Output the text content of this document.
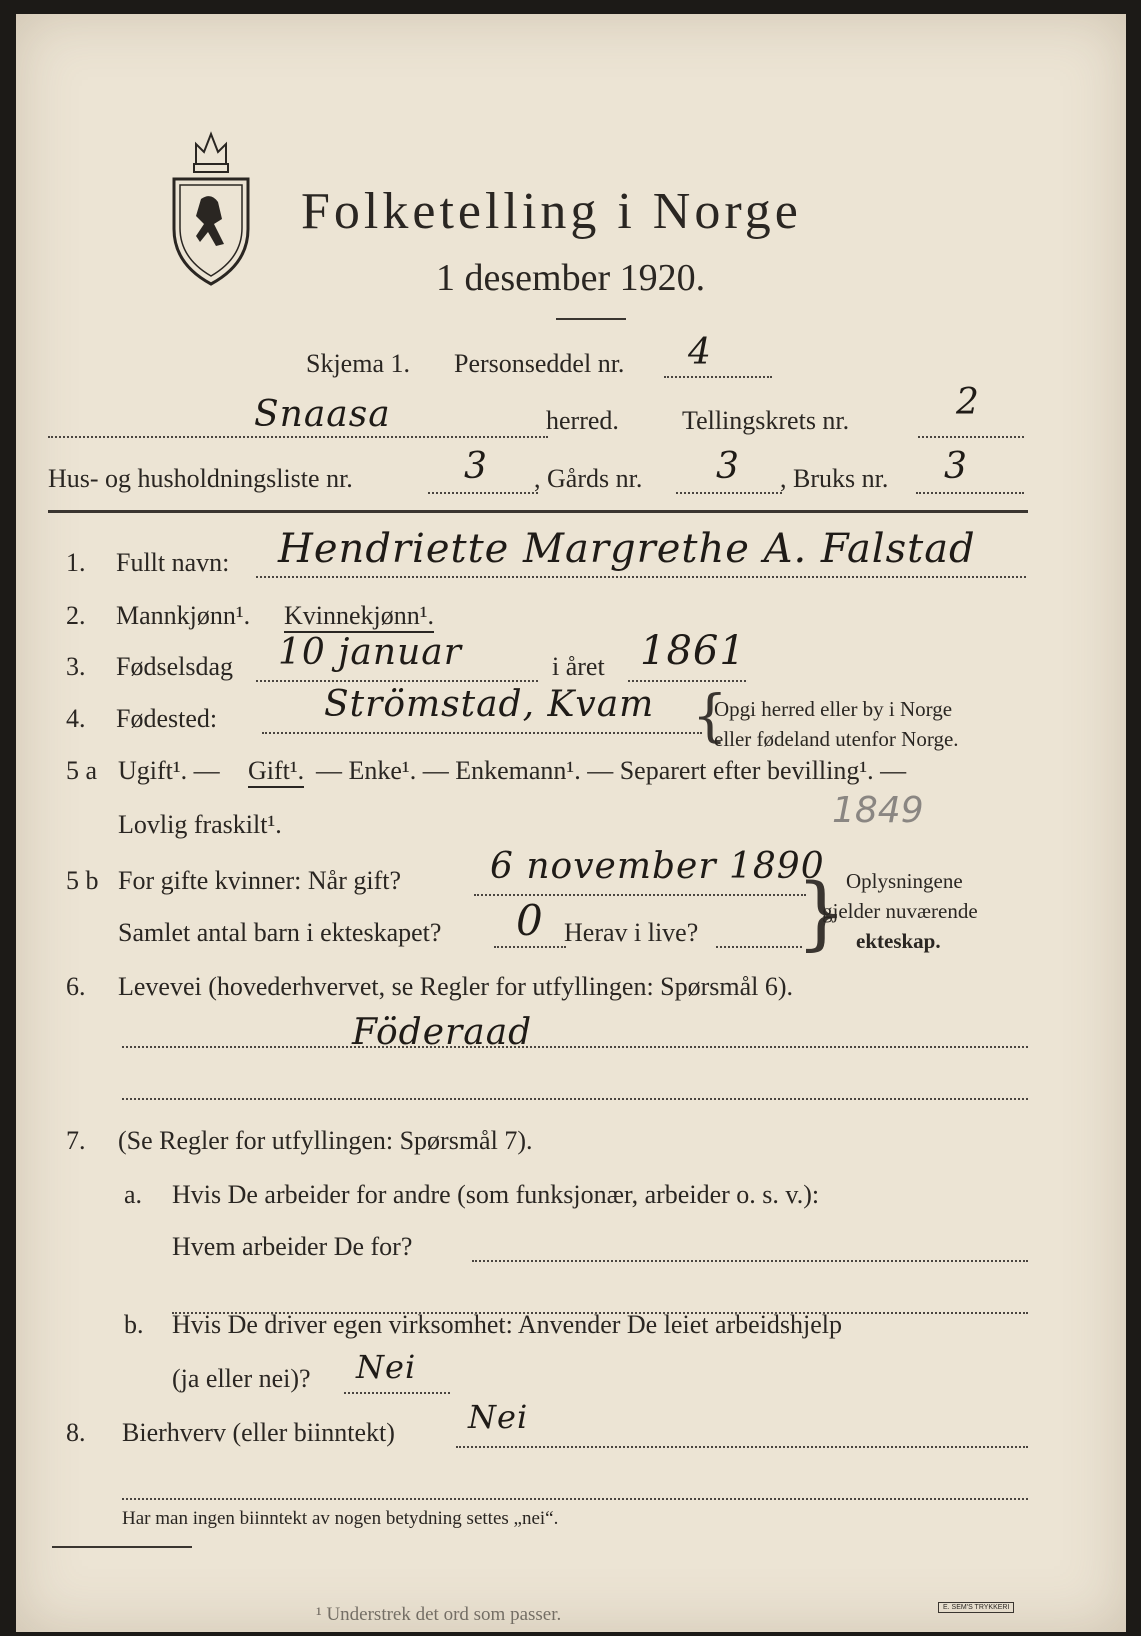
Folketelling i Norge
1 desember 1920.
Skjema 1. Personseddel nr. 4
Snaasa	herred. Tellingskrets nr.	2
Hus- og husholdningsliste nr.	3 , Gårds nr. 3 , Bruks nr. 3
1. Fullt navn: Hendriette Margrethe A. Falstad
2. Mannkjønn¹. Kvinnekjønn¹.
3. Fødselsdag 10 januar	i året 1861
4. Fødested:	Strömstad, Kvam {
Opgi herred eller by i Norge
eller fødeland utenfor Norge.
5 a Ugift¹. — Gift¹. — Enke¹. — Enkemann¹. — Separert efter bevilling¹. —
Lovlig fraskilt¹.	1849
5 b For gifte kvinner: Når gift? 6 november 1890
Samlet antal barn i ekteskapet? 0 Herav i live? } Oplysningene
gjelder nuværende
ekteskap.
6. Levevei (hovederhvervet, se Regler for utfyllingen: Spørsmål 6).
Föderaad
7. (Se Regler for utfyllingen: Spørsmål 7).
a. Hvis De arbeider for andre (som funksjonær, arbeider o. s. v.):
Hvem arbeider De for?
b. Hvis De driver egen virksomhet: Anvender De leiet arbeidshjelp
(ja eller nei)? Nei
8. Bierhverv (eller biinntekt) Nei
Har man ingen biinntekt av nogen betydning settes „nei“.
¹ Understrek det ord som passer.	E. SEM'S TRYKKERI
